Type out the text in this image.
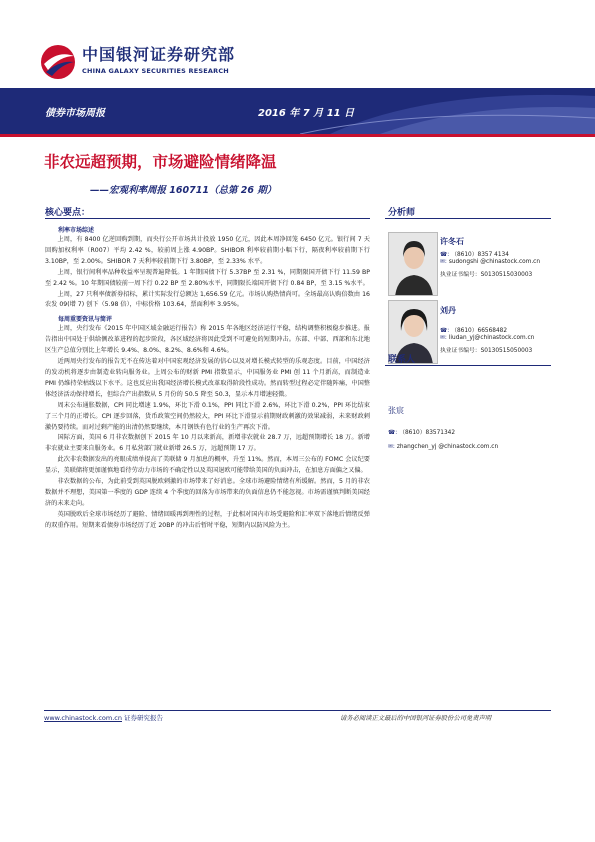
中国银河证券研究部
CHINA GALAXY SECURITIES RESEARCH
债券市场周报	2016 年 7 月 11 日
非农远超预期，市场避险情绪降温
——宏观利率周报 160711（总第 26 期）
核心要点：
利率市场综述

上周，有 8400 亿逆回购到期，而央行公开市场共计投放 1950 亿元，因此本周净回笼 6450 亿元。银行间 7 天回购加权利率（R007）平均 2.42 %，较前周上涨 4.90BP。SHIBOR 利率较前期小幅下行，隔夜利率较前期下行 3.10BP，至 2.00%。SHIBOR 7 天利率较前期下行 3.80BP，至 2.33% 水平。

上周，银行间利率品种收益率呈现普遍降低。1 年期国债下行 5.37BP 至 2.31 %，同期限国开债下行 11.59 BP 至 2.42 %。10 年期国债较前一周下行 0.22 BP 至 2.80%水平，同期限长端国开债下行 0.84 BP，至 3.15 %水平。

上周，27 只利率债新券招标，累计实际发行总额达 1,656.59 亿元。市场认购热情尚可。全场最高认购倍数由 16 农发 09(增 7) 创下（5.98 倍），中标价格 103.64，票面利率 3.95%。

每周重要资讯与简评

上周，央行发布《2015 年中国区域金融运行报告》称 2015 年各地区经济运行平稳，结构调整积极稳步推进。报告指出中国处于供给侧改革进程的起步阶段，各区域经济将因此受到不可避免的短期冲击。东部、中部、西部和东北地区生产总值分别比上年增长 9.4%、8.0%、8.2%、8.6%和 4.6%。

近两周央行发布的报告无不在传达着对中国宏观经济发展的信心以及对增长模式转型的乐观态度。目前，中国经济的发动机将逐步由制造业转向服务业。上周公布的财新 PMI 指数显示，中国服务业 PMI 创 11 个月新高，而制造业 PMI 仍维持荣枯线以下水平。这也反应出我国经济增长模式改革取得阶段性成功。然而转型过程必定伴随阵痛，中国整体经济活动保持增长，但综合产出指数从 5 月份的 50.5 降至 50.3，显示本月增速轻微。

周末公布通胀数据，CPI 同比增速 1.9%，环比下滑 0.1%，PPI 同比下滑 2.6%，环比下滑 0.2%，PPI 环比结束了三个月的正增长。CPI 逐步回落，货币政策空间仍然较大，PPI 环比下滑显示前期财政刺激的效果减弱，未来财政刺激仍要持续。而对过剩产能的出清仍然要继续，本月钢铁有色行业的生产再次下滑。

国际方面，美国 6 月非农数据创下 2015 年 10 月以来新高，新增非农就业 28.7 万，远超预期增长 18 万。新增非农就业主要来自服务业。6 月私营部门就业新增 26.5 万，远超预期 17 万。

此次非农数据发出的亮眼成绩单提高了美联储 9 月加息的概率，升至 11%。然而，本周三公布的 FOMC 会议纪要显示，美联储将更加谨慎地看待劳动力市场的不确定性以及英国退欧可能带给美国的负面冲击，在加息方面偏之又偏。

非农数据的公布，为此前受到英国脱欧刺激的市场带来了好消息。全球市场避险情绪有所缓解。然而，5 月的非农数据并不理想，美国第一季度的 GDP 连续 4 个季度的回落为市场带来的负面信息仍不能忽视。市场需谨慎判断美国经济的未来走向。

英国脱欧后全球市场经历了避险、情绪回暖再到理性的过程，于此相对国内市场受避险和汇率双下落地后情绪反弹的双重作用。短期来看债券市场经历了近 20BP 的冲击后暂时平稳，短期内以防风险为主。

分析师
许冬石
☎: （8610）8357 4134
✉: sudongshi @chinastock.com.cn
执业证书编号：S0130515030003
刘丹
☎: （8610）66568482
✉: liudan_yj@chinastock.com.cn
执业证书编号：S0130515050003
联系人
张宸
☎: （8610）83571342
✉: zhangchen_yj @chinastock.com.cn
www.chinastock.com.cn 证券研究报告	请务必阅读正文最后的中国银河证券股份公司免责声明
